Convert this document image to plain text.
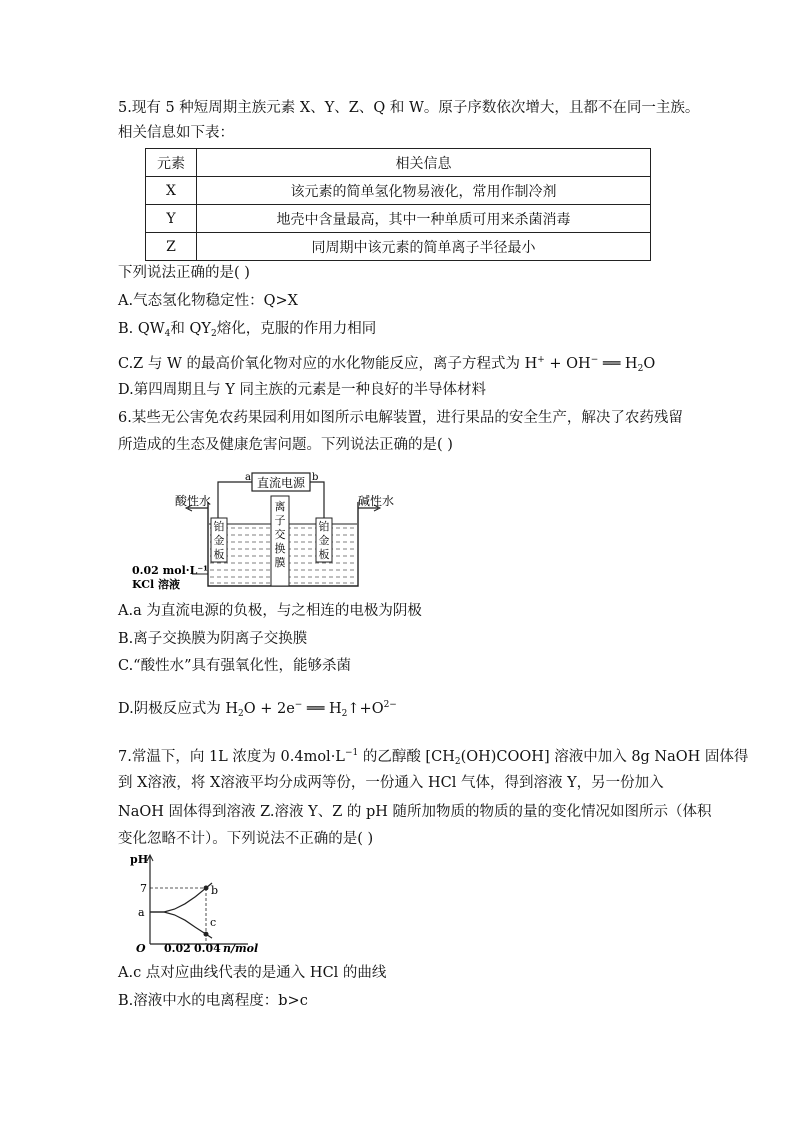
5.现有 5 种短周期主族元素 X、Y、Z、Q 和 W。原子序数依次增大，且都不在同一主族。
相关信息如下表：
元素	相关信息
X	该元素的简单氢化物易液化，常用作制冷剂
Y	地壳中含量最高，其中一种单质可用来杀菌消毒
Z	同周期中该元素的简单离子半径最小
下列说法正确的是( )
A.气态氢化物稳定性：Q>X
B. $QW_4$和 $QY_2$熔化，克服的作用力相同
C.Z 与 W 的最高价氧化物对应的水化物能反应，离子方程式为 H+ + OH− ══ $H_2O$
D.第四周期且与 Y 同主族的元素是一种良好的半导体材料
6.某些无公害免农药果园利用如图所示电解装置，进行果品的安全生产，解决了农药残留
所造成的生态及健康危害问题。下列说法正确的是( )
直流电源
a	b
离子交换膜
铂金板
铂金板
酸性水	碱性水
0.02 mol·L⁻¹
KCl 溶液
A.a 为直流电源的负极，与之相连的电极为阴极
B.离子交换膜为阴离子交换膜
C.“酸性水”具有强氧化性，能够杀菌
D.阴极反应式为 $H_2O + 2e^-$ ══ $H_2↑+O^{2-}$
7.常温下，向 1L 浓度为 $0.4mol\cdot L^{-1}$ 的乙醇酸 $[CH_2(OH)COOH]$ 溶液中加入 8g NaOH 固体得
到 X溶液，将 X溶液平均分成两等份，一份通入 HCl 气体，得到溶液 Y，另一份加入
NaOH 固体得到溶液 Z.溶液 Y、Z 的 pH 随所加物质的物质的量的变化情况如图所示（体积
变化忽略不计）。下列说法不正确的是( )
pH
O
7
a
b
c
0.02 0.04 n/mol
A.c 点对应曲线代表的是通入 HCl 的曲线
B.溶液中水的电离程度：b>c
